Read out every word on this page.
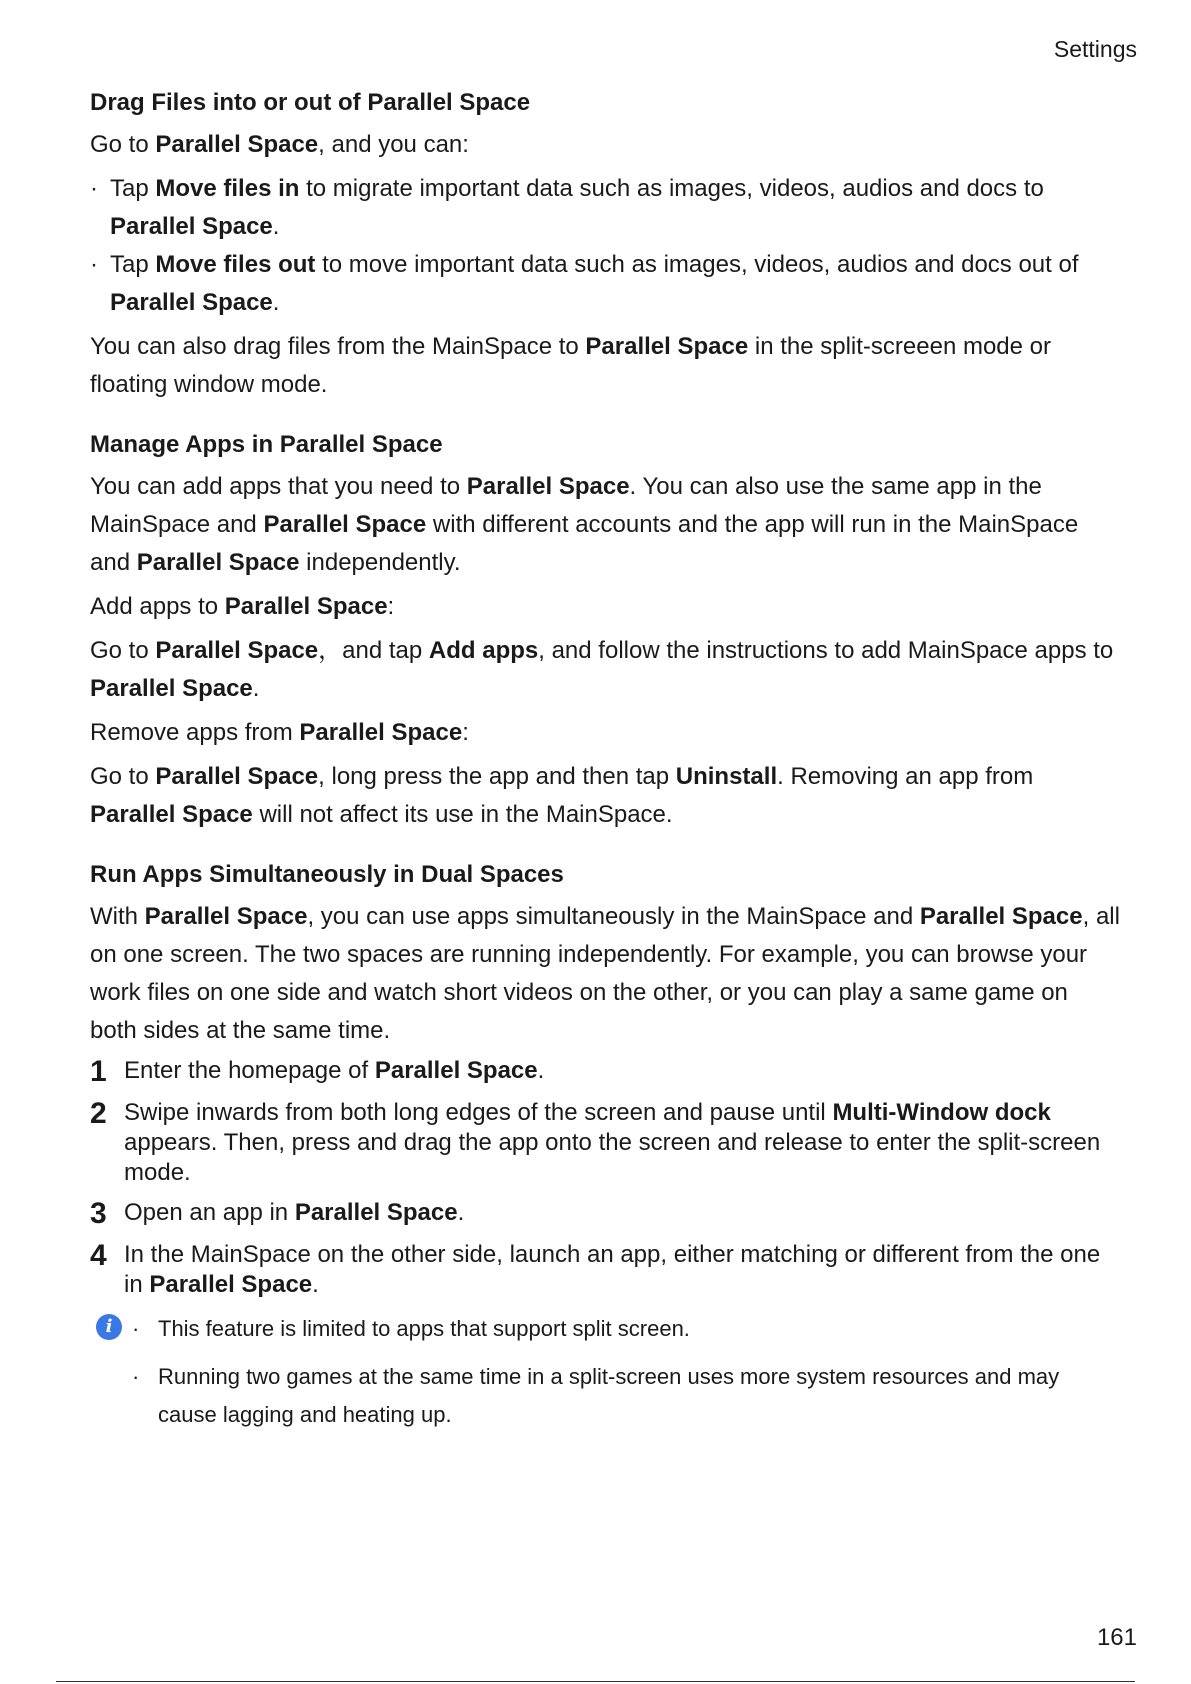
Settings
Drag Files into or out of Parallel Space

Go to Parallel Space, and you can:

· Tap Move files in to migrate important data such as images, videos, audios and docs to Parallel Space.
· Tap Move files out to move important data such as images, videos, audios and docs out of Parallel Space.

You can also drag files from the MainSpace to Parallel Space in the split-screeen mode or floating window mode.

Manage Apps in Parallel Space

You can add apps that you need to Parallel Space. You can also use the same app in the MainSpace and Parallel Space with different accounts and the app will run in the MainSpace and Parallel Space independently.

Add apps to Parallel Space:

Go to Parallel Space，and tap Add apps, and follow the instructions to add MainSpace apps to Parallel Space.

Remove apps from Parallel Space:

Go to Parallel Space, long press the app and then tap Uninstall. Removing an app from Parallel Space will not affect its use in the MainSpace.

Run Apps Simultaneously in Dual Spaces

With Parallel Space, you can use apps simultaneously in the MainSpace and Parallel Space, all on one screen. The two spaces are running independently. For example, you can browse your work files on one side and watch short videos on the other, or you can play a same game on both sides at the same time.

1 Enter the homepage of Parallel Space.
2 Swipe inwards from both long edges of the screen and pause until Multi-Window dock appears. Then, press and drag the app onto the screen and release to enter the split-screen mode.
3 Open an app in Parallel Space.
4 In the MainSpace on the other side, launch an app, either matching or different from the one in Parallel Space.
i · This feature is limited to apps that support split screen.
· Running two games at the same time in a split-screen uses more system resources and may cause lagging and heating up.
161
